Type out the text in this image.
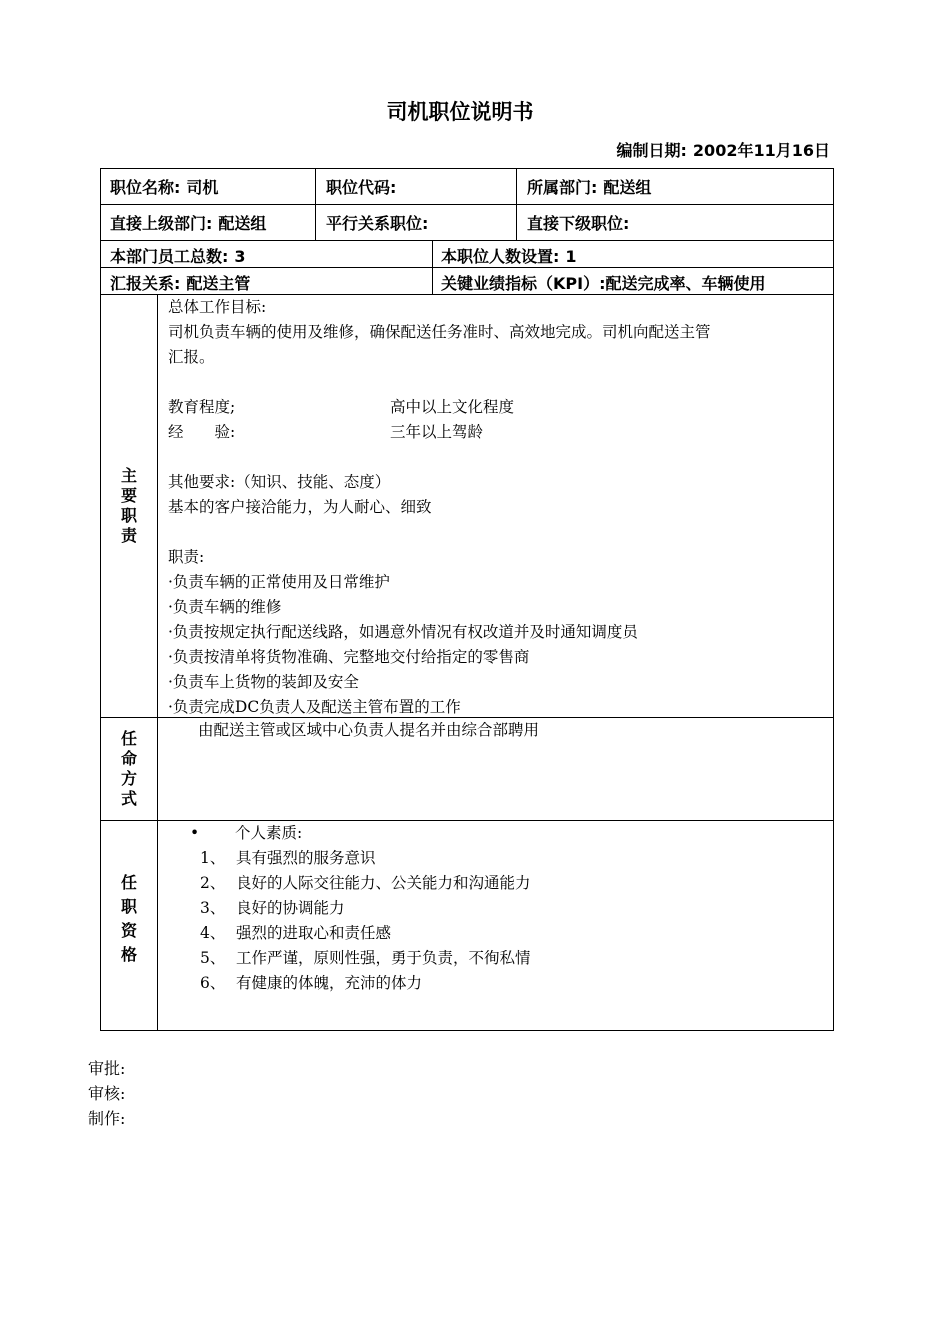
司机职位说明书
编制日期: 2002年11月16日
职位名称: 司机	职位代码:	所属部门: 配送组
直接上级部门: 配送组	平行关系职位:	直接下级职位:
本部门员工总数: 3	本职位人数设置: 1
汇报关系: 配送主管	关键业绩指标（KPI）:配送完成率、车辆使用
主
要
职
责
总体工作目标:
司机负责车辆的使用及维修，确保配送任务准时、高效地完成。司机向配送主管
汇报。
教育程度;	高中以上文化程度
经　　验:	三年以上驾龄
其他要求:（知识、技能、态度）
基本的客户接洽能力，为人耐心、细致
职责:
·负责车辆的正常使用及日常维护
·负责车辆的维修
·负责按规定执行配送线路，如遇意外情况有权改道并及时通知调度员
·负责按清单将货物准确、完整地交付给指定的零售商
·负责车上货物的装卸及安全
·负责完成DC负责人及配送主管布置的工作
任
命
方
式
由配送主管或区域中心负责人提名并由综合部聘用
任
职
资
格
• 个人素质:
1、 具有强烈的服务意识
2、 良好的人际交往能力、公关能力和沟通能力
3、 良好的协调能力
4、 强烈的进取心和责任感
5、 工作严谨，原则性强，勇于负责，不徇私情
6、 有健康的体魄，充沛的体力
审批:
审核:
制作:
